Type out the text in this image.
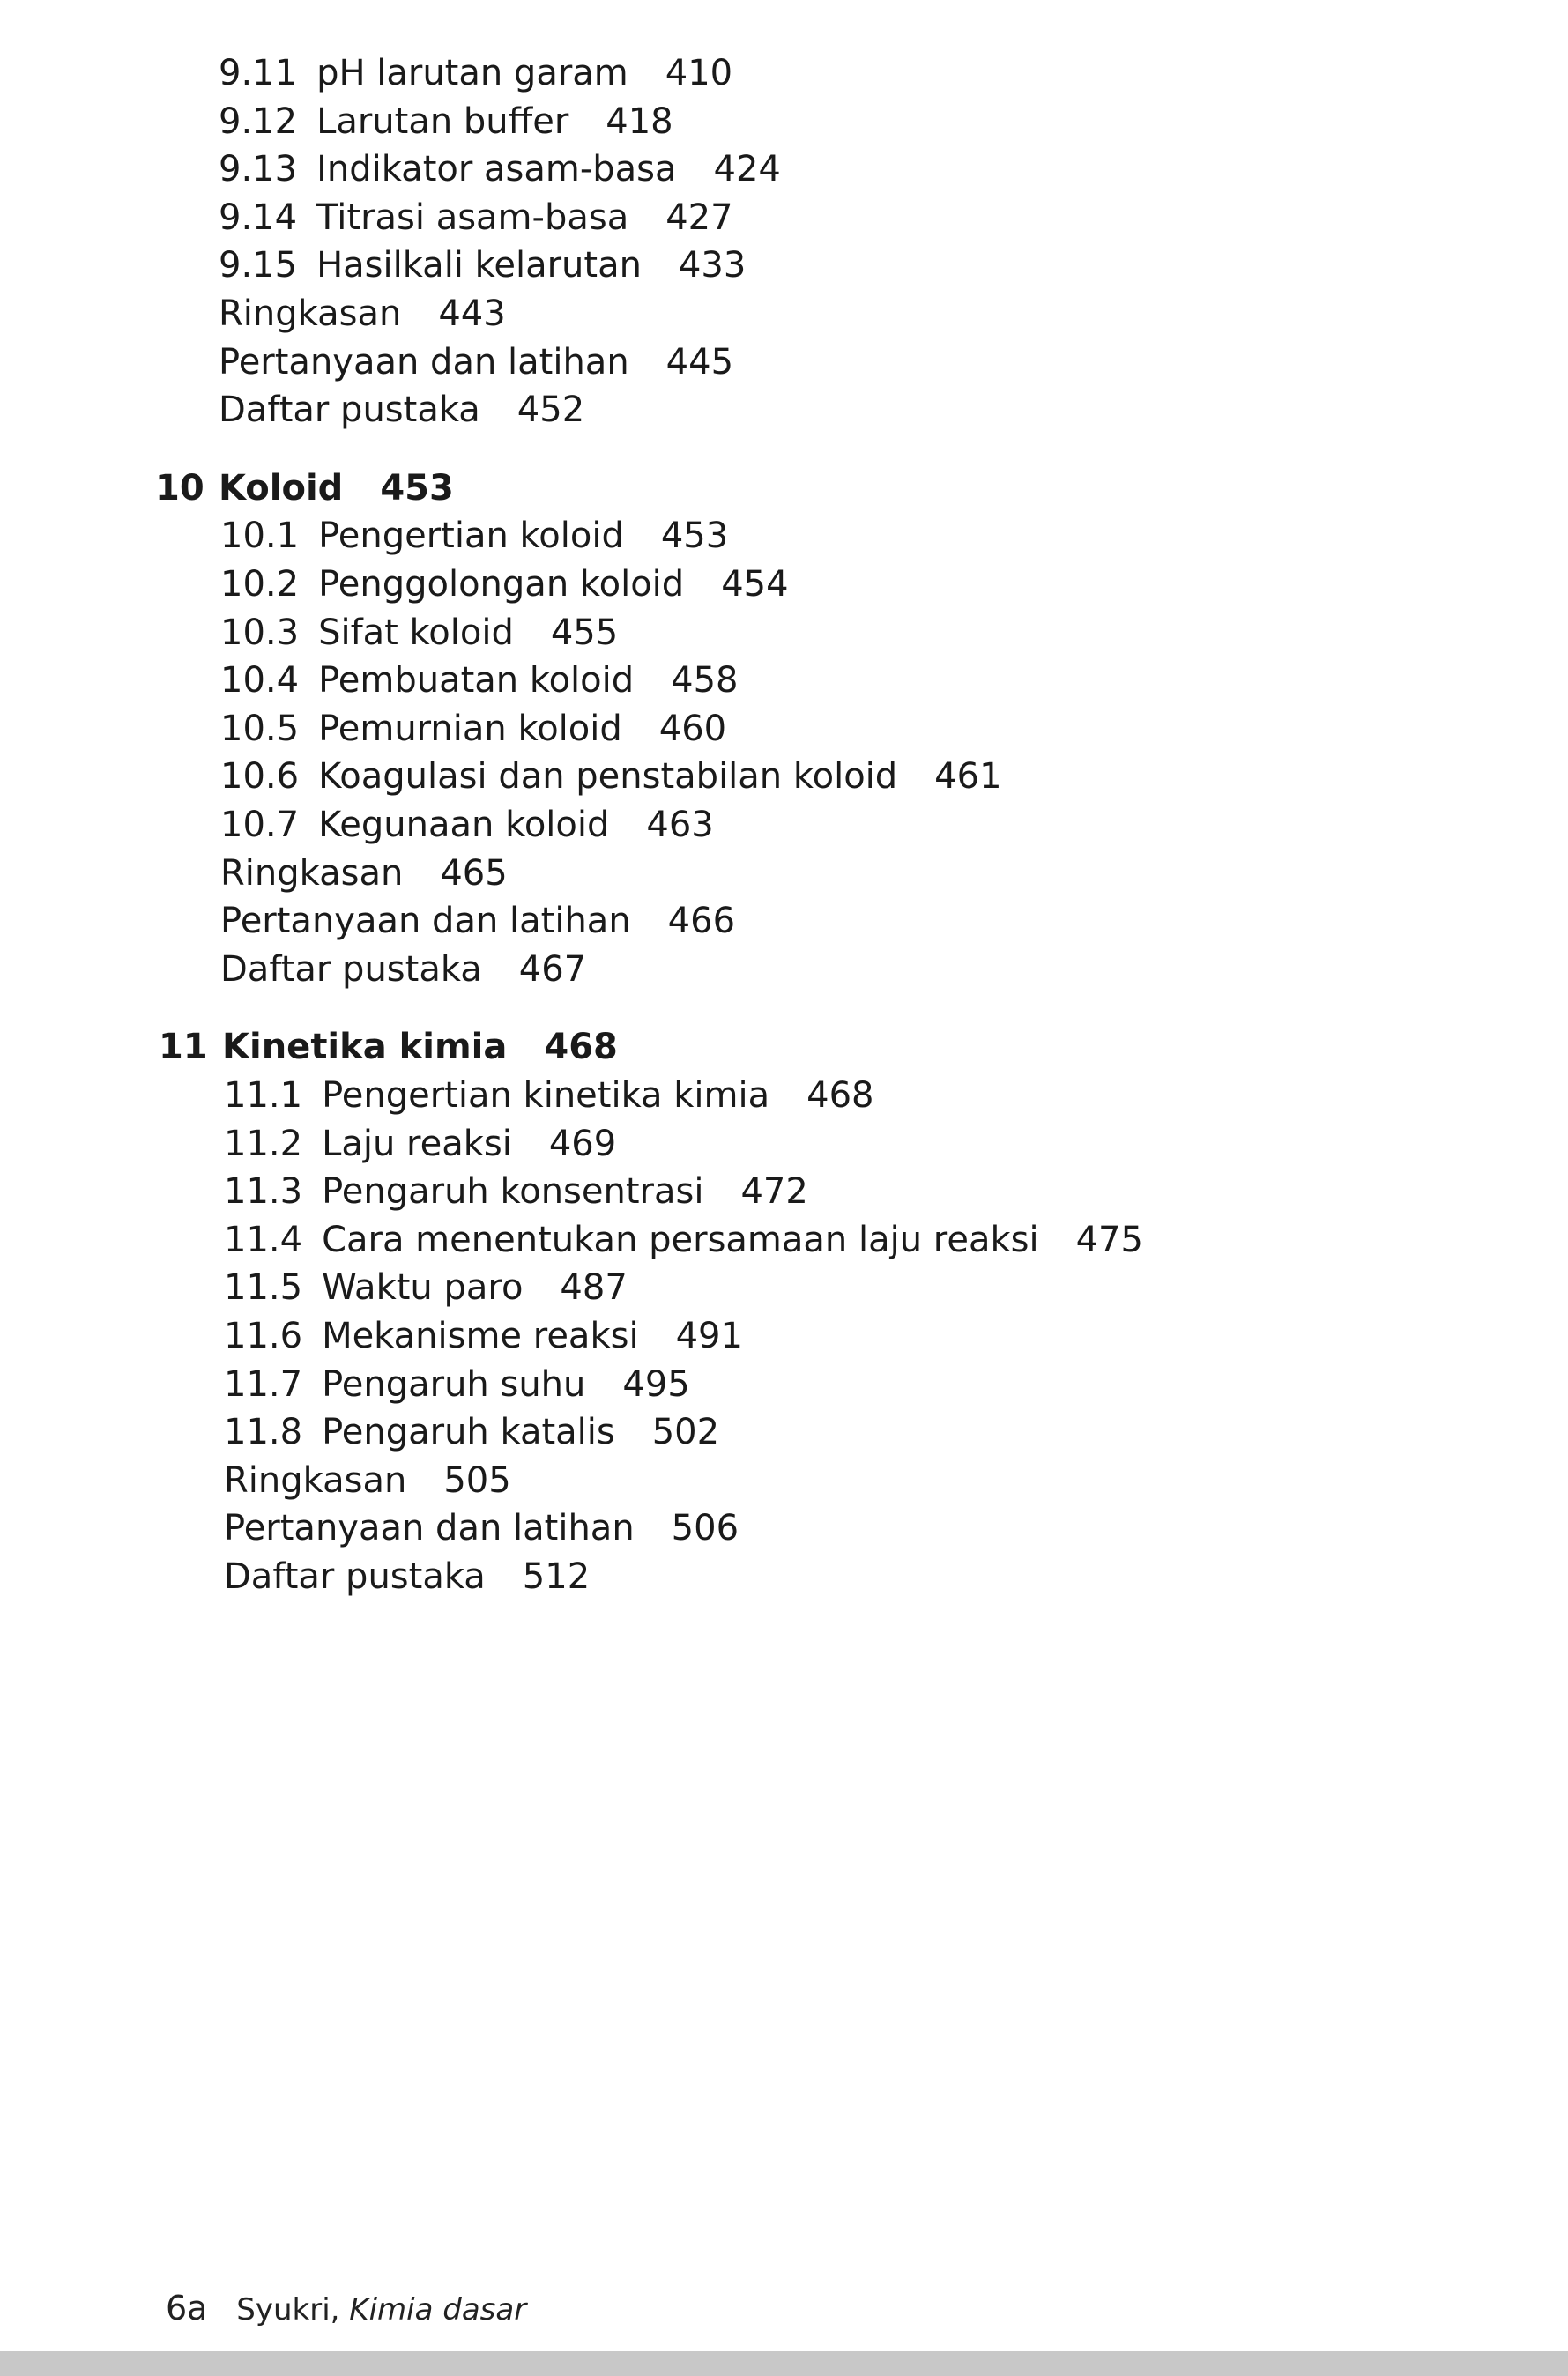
9.11 pH larutan garam 410
9.12 Larutan buffer 418
9.13 Indikator asam-basa 424
9.14 Titrasi asam-basa 427
9.15 Hasilkali kelarutan 433
Ringkasan 443
Pertanyaan dan latihan 445
Daftar pustaka 452
10 Koloid 453
10.1 Pengertian koloid 453
10.2 Penggolongan koloid 454
10.3 Sifat koloid 455
10.4 Pembuatan koloid 458
10.5 Pemurnian koloid 460
10.6 Koagulasi dan penstabilan koloid 461
10.7 Kegunaan koloid 463
Ringkasan 465
Pertanyaan dan latihan 466
Daftar pustaka 467
11 Kinetika kimia 468
11.1 Pengertian kinetika kimia 468
11.2 Laju reaksi 469
11.3 Pengaruh konsentrasi 472
11.4 Cara menentukan persamaan laju reaksi 475
11.5 Waktu paro 487
11.6 Mekanisme reaksi 491
11.7 Pengaruh suhu 495
11.8 Pengaruh katalis 502
Ringkasan 505
Pertanyaan dan latihan 506
Daftar pustaka 512
6a Syukri, Kimia dasar
